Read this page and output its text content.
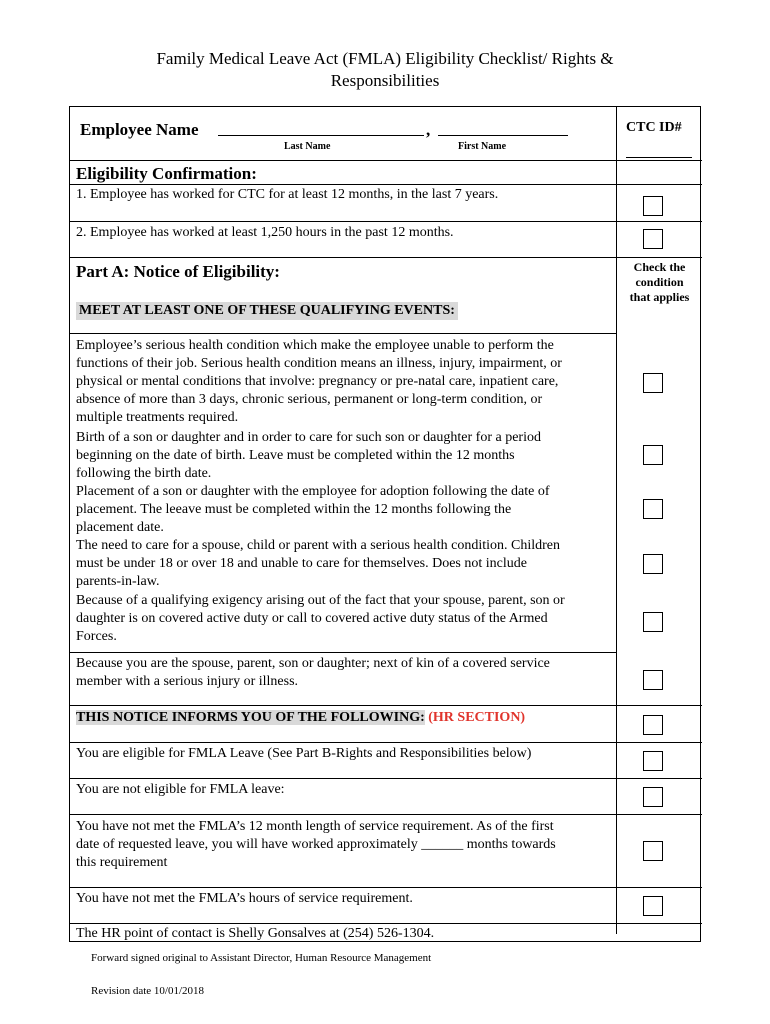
Family Medical Leave Act (FMLA) Eligibility Checklist/ Rights &
Responsibilities
Employee Name	,
Last Name	First Name
CTC ID#
Eligibility Confirmation:
1. Employee has worked for CTC for at least 12 months, in the last 7 years.
2. Employee has worked at least 1,250 hours in the past 12 months.
Part A: Notice of Eligibility:	Check the
condition
that applies
MEET AT LEAST ONE OF THESE QUALIFYING EVENTS:
Employee’s serious health condition which make the employee unable to perform the
functions of their job. Serious health condition means an illness, injury, impairment, or
physical or mental conditions that involve: pregnancy or pre-natal care, inpatient care,
absence of more than 3 days, chronic serious, permanent or long-term condition, or
multiple treatments required.
Birth of a son or daughter and in order to care for such son or daughter for a period
beginning on the date of birth. Leave must be completed within the 12 months
following the birth date.
Placement of a son or daughter with the employee for adoption following the date of
placement. The leeave must be completed within the 12 months following the
placement date.
The need to care for a spouse, child or parent with a serious health condition. Children
must be under 18 or over 18 and unable to care for themselves. Does not include
parents-in-law.
Because of a qualifying exigency arising out of the fact that your spouse, parent, son or
daughter is on covered active duty or call to covered active duty status of the Armed
Forces.
Because you are the spouse, parent, son or daughter; next of kin of a covered service
member with a serious injury or illness.
THIS NOTICE INFORMS YOU OF THE FOLLOWING: (HR SECTION)
You are eligible for FMLA Leave (See Part B-Rights and Responsibilities below)
You are not eligible for FMLA leave:
You have not met the FMLA’s 12 month length of service requirement. As of the first
date of requested leave, you will have worked approximately ______ months towards
this requirement
You have not met the FMLA’s hours of service requirement.
The HR point of contact is Shelly Gonsalves at (254) 526-1304.
Forward signed original to Assistant Director, Human Resource Management
Revision date 10/01/2018
